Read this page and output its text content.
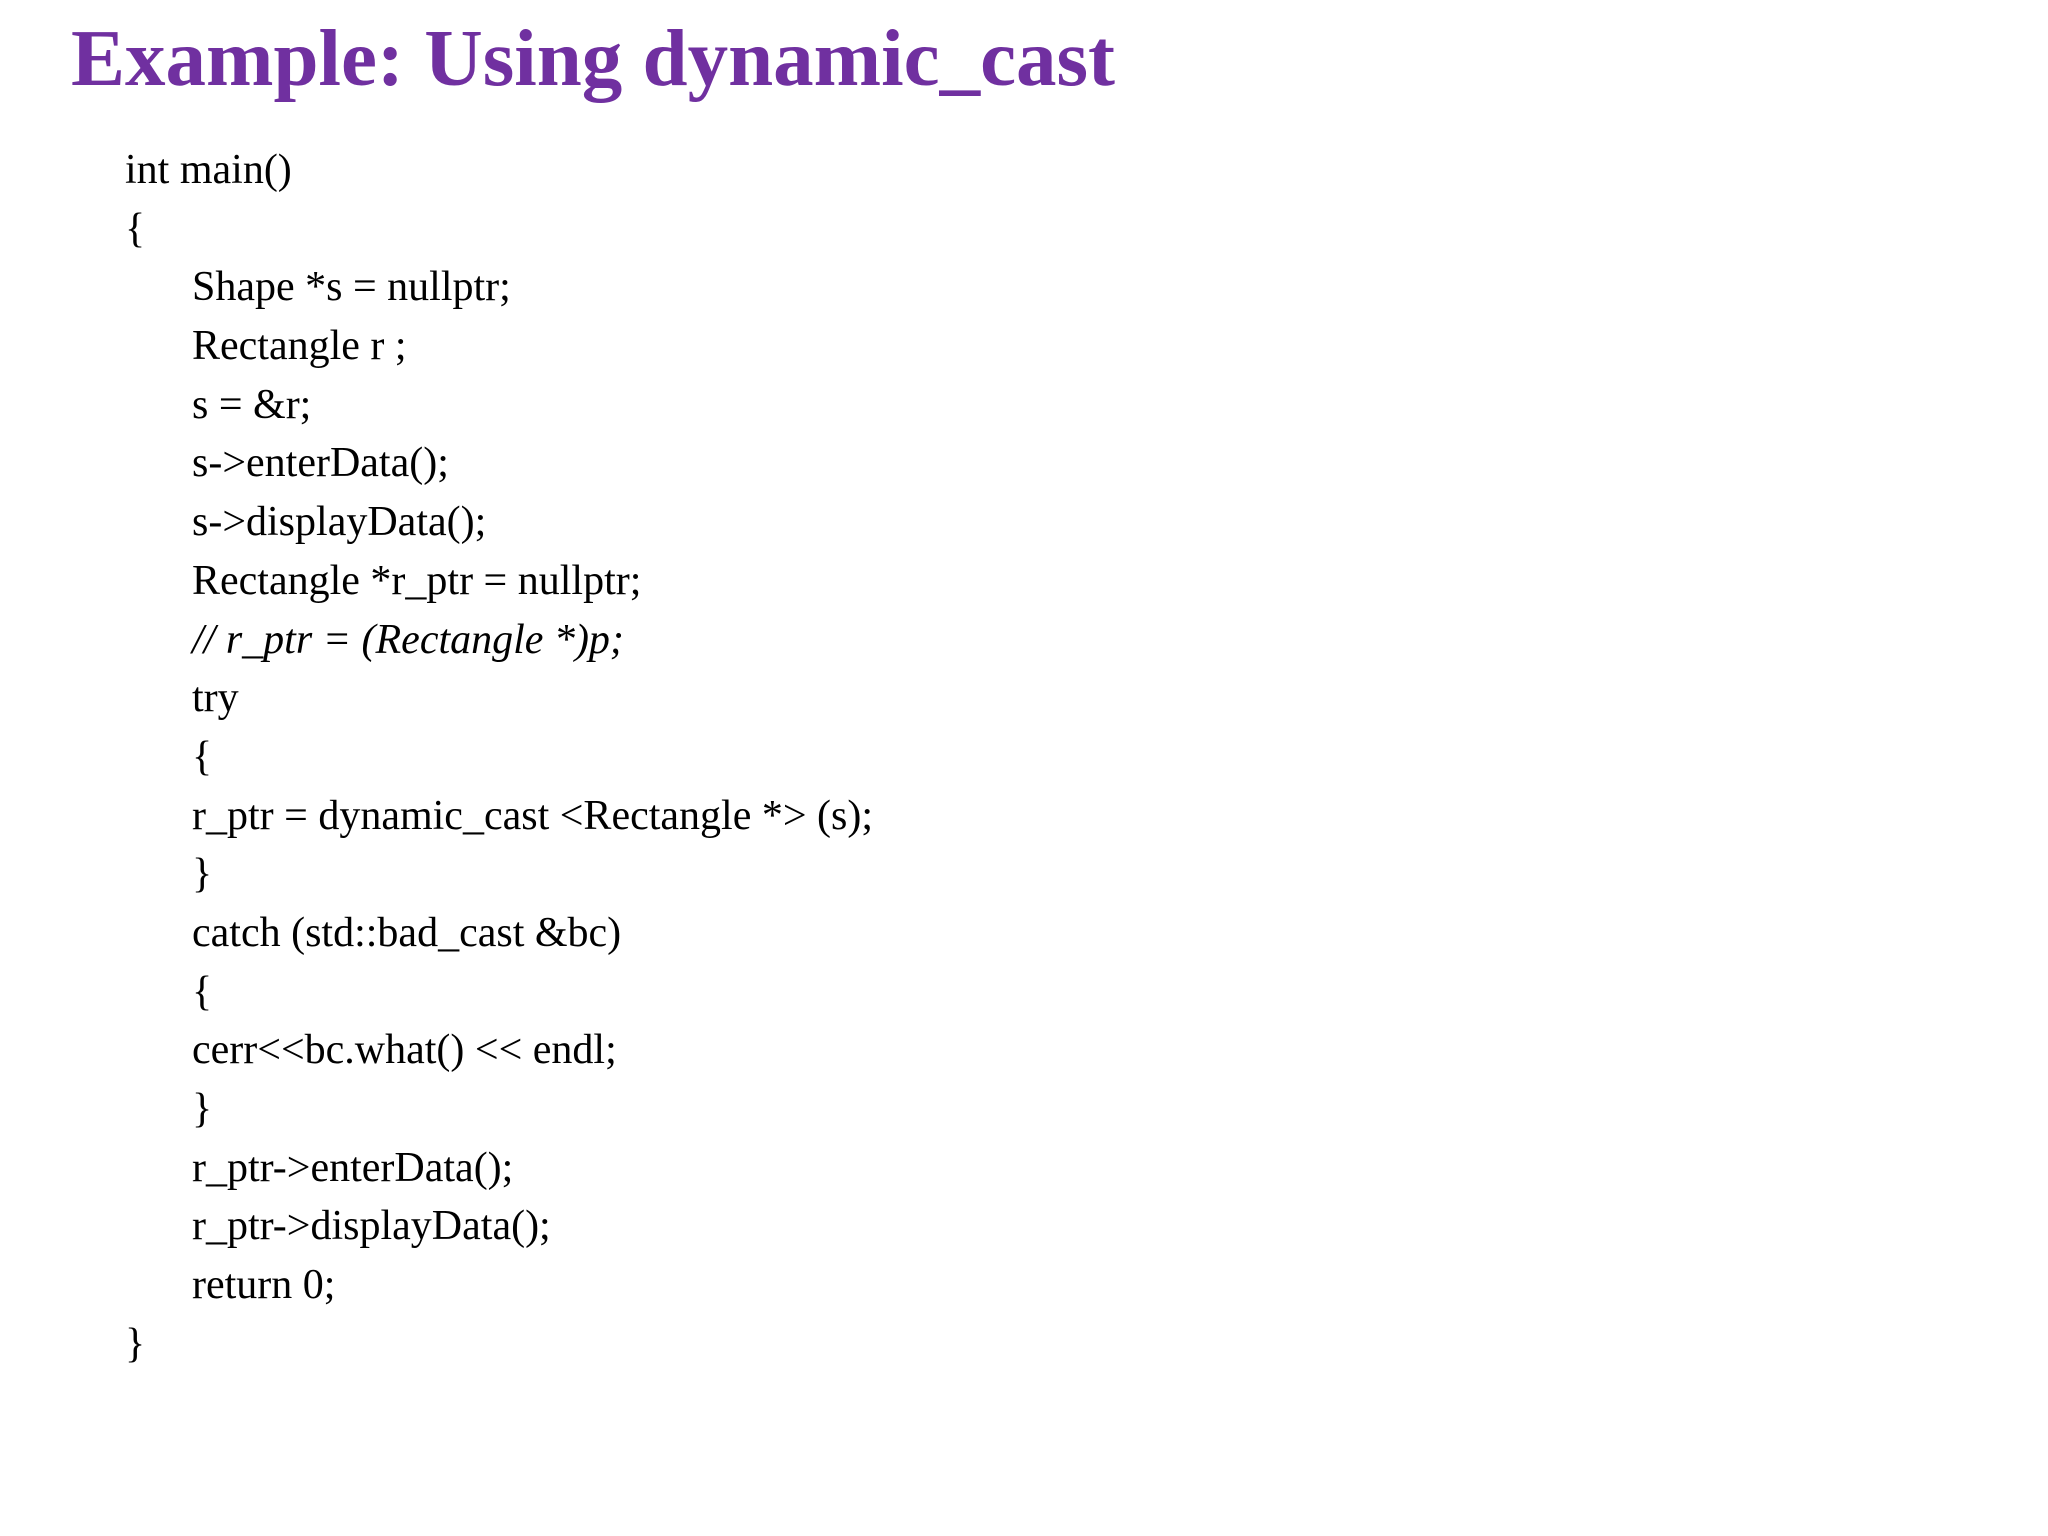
Example: Using dynamic_cast
int main()
{
Shape *s = nullptr;
Rectangle r ;
s = &r;
s->enterData();
s->displayData();
Rectangle *r_ptr = nullptr;
// r_ptr = (Rectangle *)p;
try
{
r_ptr = dynamic_cast <Rectangle *> (s);
}
catch (std::bad_cast &bc)
{
cerr<<bc.what() << endl;
}
r_ptr->enterData();
r_ptr->displayData();
return 0;
}
